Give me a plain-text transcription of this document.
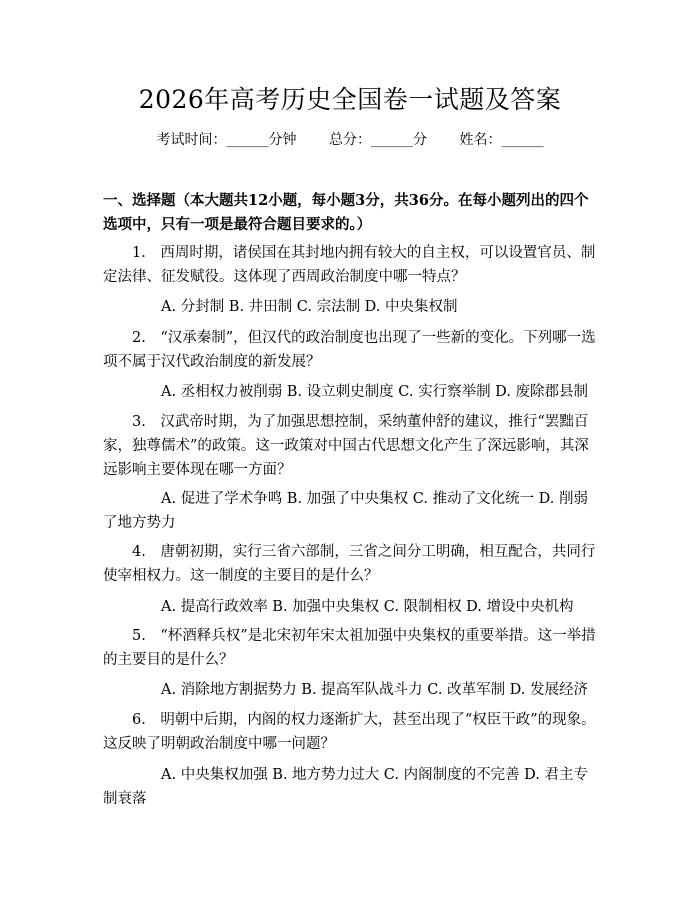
2026年高考历史全国卷一试题及答案
考试时间：______分钟 总分：______分 姓名：______
一、选择题（本大题共12小题，每小题3分，共36分。在每小题列出的四个选项中，只有一项是最符合题目要求的。）
1.　西周时期，诸侯国在其封地内拥有较大的自主权，可以设置官员、制定法律、征发赋役。这体现了西周政治制度中哪一特点？
A. 分封制 B. 井田制 C. 宗法制 D. 中央集权制
2.　“汉承秦制”，但汉代的政治制度也出现了一些新的变化。下列哪一选项不属于汉代政治制度的新发展？
A. 丞相权力被削弱 B. 设立刺史制度 C. 实行察举制 D. 废除郡县制
3.　汉武帝时期，为了加强思想控制，采纳董仲舒的建议，推行“罢黜百家，独尊儒术”的政策。这一政策对中国古代思想文化产生了深远影响，其深远影响主要体现在哪一方面？
A. 促进了学术争鸣 B. 加强了中央集权 C. 推动了文化统一 D. 削弱了地方势力
4.　唐朝初期，实行三省六部制，三省之间分工明确，相互配合，共同行使宰相权力。这一制度的主要目的是什么？
A. 提高行政效率 B. 加强中央集权 C. 限制相权 D. 增设中央机构
5.　“杯酒释兵权”是北宋初年宋太祖加强中央集权的重要举措。这一举措的主要目的是什么？
A. 消除地方割据势力 B. 提高军队战斗力 C. 改革军制 D. 发展经济
6.　明朝中后期，内阁的权力逐渐扩大，甚至出现了“权臣干政”的现象。这反映了明朝政治制度中哪一问题？
A. 中央集权加强 B. 地方势力过大 C. 内阁制度的不完善 D. 君主专制衰落
